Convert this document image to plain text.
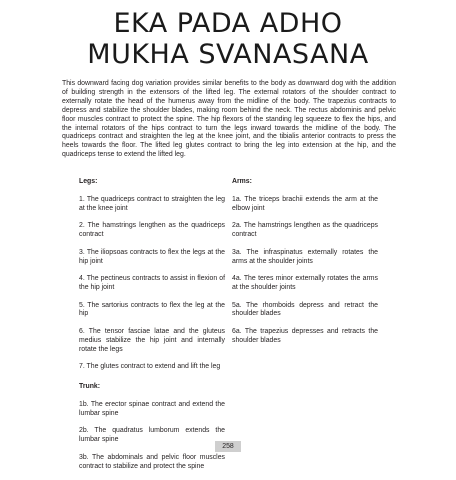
EKA PADA ADHO
MUKHA SVANASANA

This downward facing dog variation provides similar benefits to the body as downward dog with the addition of building strength in the extensors of the lifted leg. The external rotators of the shoulder contract to externally rotate the head of the humerus away from the midline of the body. The trapezius contracts to depress and stabilize the shoulder blades, making room behind the neck. The rectus abdominis and pelvic floor muscles contract to protect the spine. The hip flexors of the standing leg squeeze to flex the hips, and the internal rotators of the hips contract to turn the legs inward towards the midline of the body. The quadriceps contract and straighten the leg at the knee joint, and the tibialis anterior contracts to press the heels towards the floor. The lifted leg glutes contract to bring the leg into extension at the hip, and the quadriceps tense to extend the lifted leg.

Legs:
1. The quadriceps contract to straighten the leg at the knee joint
2. The hamstrings lengthen as the quadriceps contract
3. The iliopsoas contracts to flex the legs at the hip joint
4. The pectineus contracts to assist in flexion of the hip joint
5. The sartorius contracts to flex the leg at the hip
6. The tensor fasciae latae and the gluteus medius stabilize the hip joint and internally rotate the legs
7. The glutes contract to extend and lift the leg
Trunk:
1b. The erector spinae contract and extend the lumbar spine
2b. The quadratus lumborum extends the lumbar spine
3b. The abdominals and pelvic floor muscles contract to stabilize and protect the spine
Arms:
1a. The triceps brachii extends the arm at the elbow joint
2a. The hamstrings lengthen as the quadriceps contract
3a. The infraspinatus externally rotates the arms at the shoulder joints
4a. The teres minor externally rotates the arms at the shoulder joints
5a. The rhomboids depress and retract the shoulder blades
6a. The trapezius depresses and retracts the shoulder blades
258
